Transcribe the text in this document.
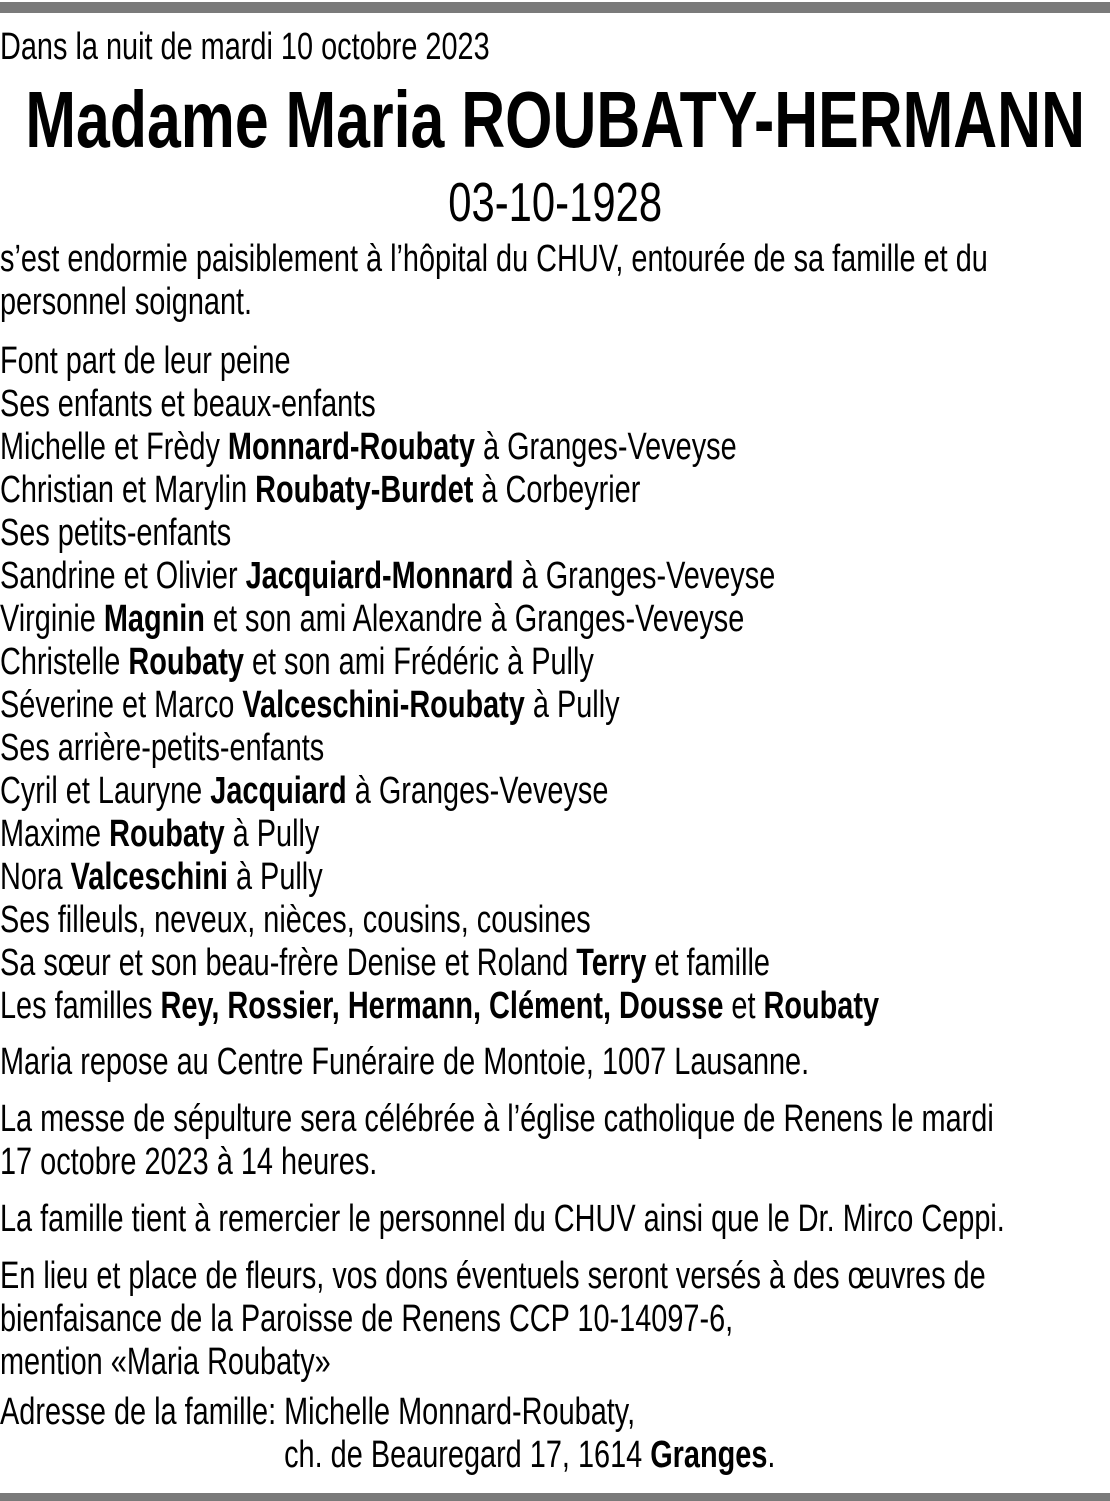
Dans la nuit de mardi 10 octobre 2023

Madame Maria ROUBATY-HERMANN

03-10-1928

s’est endormie paisiblement à l’hôpital du CHUV, entourée de sa famille et du
personnel soignant.
Font part de leur peine
Ses enfants et beaux-enfants
Michelle et Frèdy Monnard-Roubaty à Granges-Veveyse
Christian et Marylin Roubaty-Burdet à Corbeyrier
Ses petits-enfants
Sandrine et Olivier Jacquiard-Monnard à Granges-Veveyse
Virginie Magnin et son ami Alexandre à Granges-Veveyse
Christelle Roubaty et son ami Frédéric à Pully
Séverine et Marco Valceschini-Roubaty à Pully
Ses arrière-petits-enfants
Cyril et Lauryne Jacquiard à Granges-Veveyse
Maxime Roubaty à Pully
Nora Valceschini à Pully
Ses filleuls, neveux, nièces, cousins, cousines
Sa sœur et son beau-frère Denise et Roland Terry et famille
Les familles Rey, Rossier, Hermann, Clément, Dousse et Roubaty
Maria repose au Centre Funéraire de Montoie, 1007 Lausanne.
La messe de sépulture sera célébrée à l’église catholique de Renens le mardi
17 octobre 2023 à 14 heures.
La famille tient à remercier le personnel du CHUV ainsi que le Dr. Mirco Ceppi.
En lieu et place de fleurs, vos dons éventuels seront versés à des œuvres de
bienfaisance de la Paroisse de Renens CCP 10-14097-6,
mention «Maria Roubaty»
Adresse de la famille: Michelle Monnard-Roubaty,
ch. de Beauregard 17, 1614 Granges.
